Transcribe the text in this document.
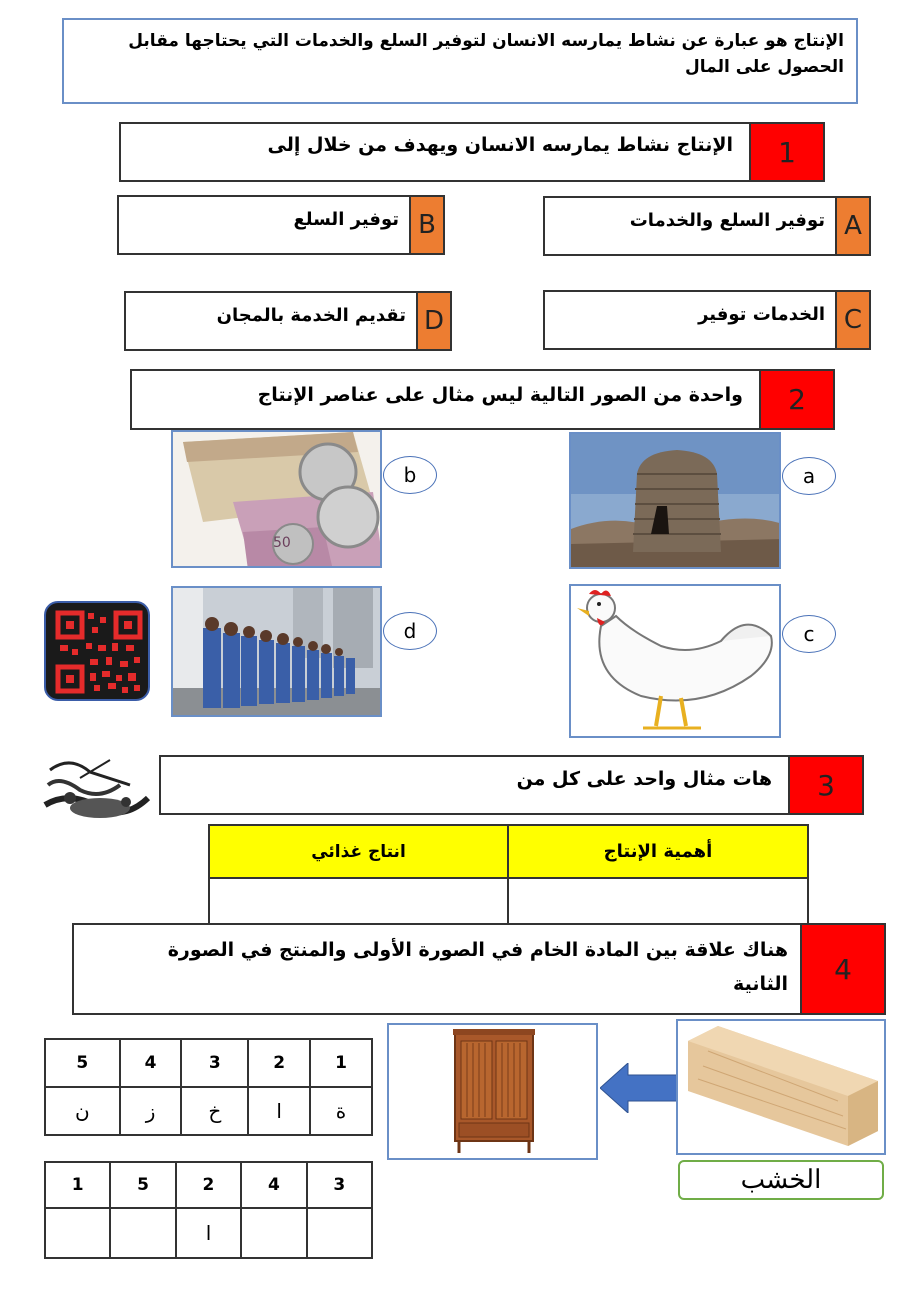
الإنتاج هو عبارة عن نشاط يمارسه الانسان لتوفير السلع والخدمات التي يحتاجها مقابل الحصول على المال
1
الإنتاج نشاط يمارسه الانسان ويهدف من خلال إلى
A
توفير السلع والخدمات
B
توفير السلع
C
الخدمات توفير
D
تقديم الخدمة بالمجان
2
واحدة من الصور التالية ليس مثال على عناصر الإنتاج
a
50
b
c
d
3
هات مثال واحد على كل من
انتاج غذائي	أهمية الإنتاج

4
هناك علاقة بين المادة الخام في الصورة الأولى والمنتج في الصورة الثانية
الخشب
5	4	3	2	1
ن	ز	خ	ا	ة
1	5	2	4	3
		ا		
